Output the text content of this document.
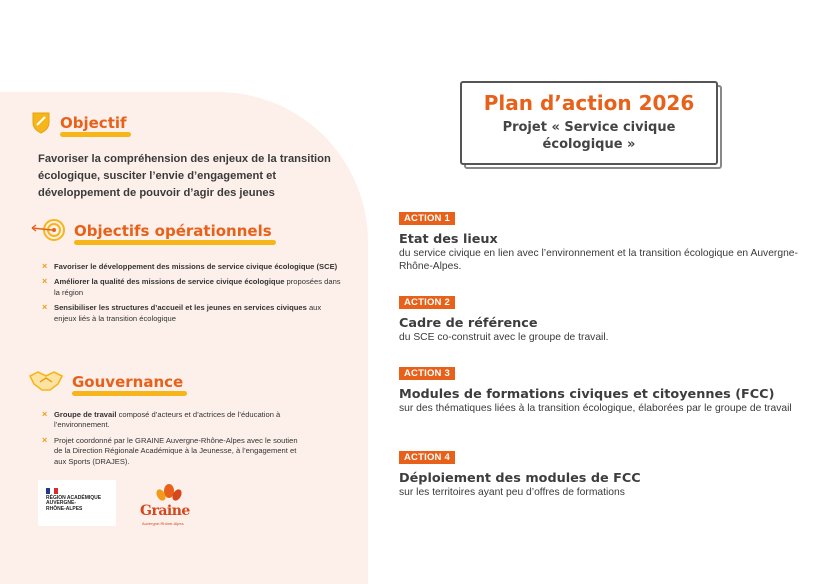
Objectif

Favoriser la compréhension des enjeux de la transition écologique, susciter l’envie d’engagement et développement de pouvoir d’agir des jeunes

Objectifs opérationnels
× Favoriser le développement des missions de service civique écologique (SCE)
× Améliorer la qualité des missions de service civique écologique proposées dans la région
× Sensibiliser les structures d’accueil et les jeunes en services civiques aux enjeux liés à la transition écologique
Gouvernance
× Groupe de travail composé d’acteurs et d’actrices de l’éducation à l’environnement.
× Projet coordonné par le GRAINE Auvergne-Rhône-Alpes avec le soutien de la Direction Régionale Académique à la Jeunesse, à l’engagement et aux Sports (DRAJES).
RÉGION ACADÉMIQUE
AUVERGNE-
RHÔNE-ALPES	Graine
Auvergne-Rhône-Alpes
Plan d’action 2026
Projet « Service civique
écologique »
ACTION 1
Etat des lieux
du service civique en lien avec l’environnement et la transition écologique en Auvergne-Rhône-Alpes.
ACTION 2
Cadre de référence
du SCE co-construit avec le groupe de travail.
ACTION 3
Modules de formations civiques et citoyennes (FCC)
sur des thématiques liées à la transition écologique, élaborées par le groupe de travail
ACTION 4
Déploiement des modules de FCC
sur les territoires ayant peu d’offres de formations
